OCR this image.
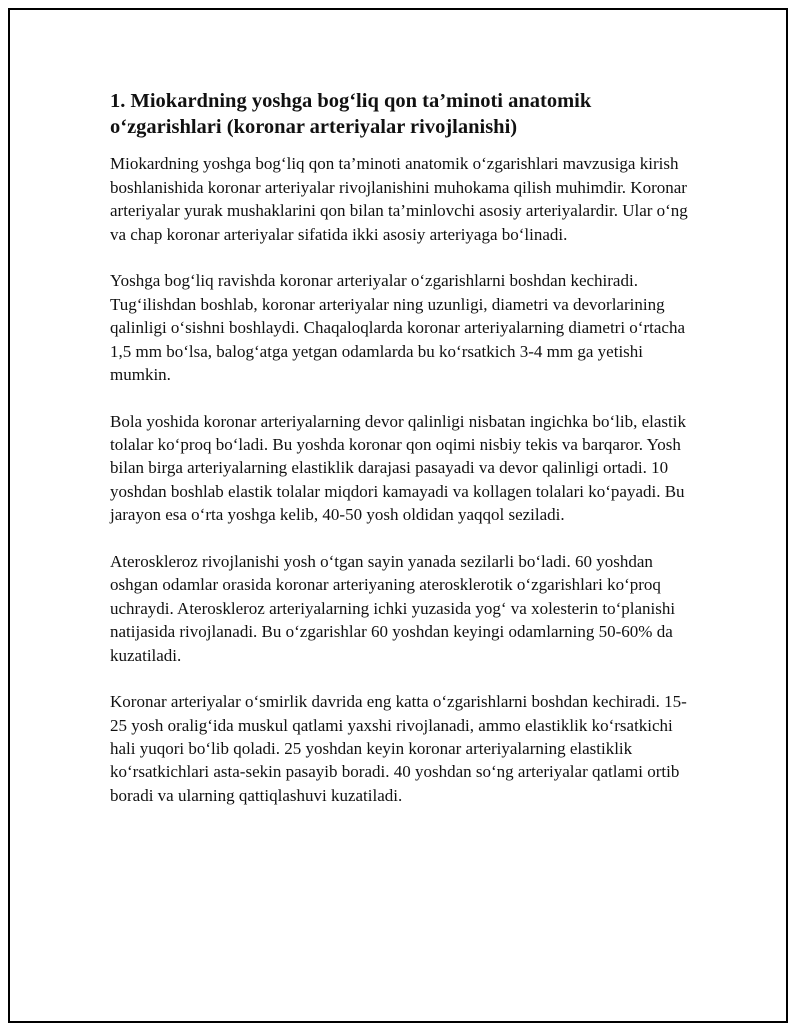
1. Miokardning yoshga bog‘liq qon ta’minoti anatomik o‘zgarishlari (koronar arteriyalar rivojlanishi)

Miokardning yoshga bog‘liq qon ta’minoti anatomik o‘zgarishlari mavzusiga kirish boshlanishida koronar arteriyalar rivojlanishini muhokama qilish muhimdir. Koronar arteriyalar yurak mushaklarini qon bilan ta’minlovchi asosiy arteriyalardir. Ular o‘ng va chap koronar arteriyalar sifatida ikki asosiy arteriyaga bo‘linadi.

Yoshga bog‘liq ravishda koronar arteriyalar o‘zgarishlarni boshdan kechiradi. Tug‘ilishdan boshlab, koronar arteriyalar ning uzunligi, diametri va devorlarining qalinligi o‘sishni boshlaydi. Chaqaloqlarda koronar arteriyalarning diametri o‘rtacha 1,5 mm bo‘lsa, balog‘atga yetgan odamlarda bu ko‘rsatkich 3-4 mm ga yetishi mumkin.

Bola yoshida koronar arteriyalarning devor qalinligi nisbatan ingichka bo‘lib, elastik tolalar ko‘proq bo‘ladi. Bu yoshda koronar qon oqimi nisbiy tekis va barqaror. Yosh bilan birga arteriyalarning elastiklik darajasi pasayadi va devor qalinligi ortadi. 10 yoshdan boshlab elastik tolalar miqdori kamayadi va kollagen tolalari ko‘payadi. Bu jarayon esa o‘rta yoshga kelib, 40-50 yosh oldidan yaqqol seziladi.

Ateroskleroz rivojlanishi yosh o‘tgan sayin yanada sezilarli bo‘ladi. 60 yoshdan oshgan odamlar orasida koronar arteriyaning aterosklerotik o‘zgarishlari ko‘proq uchraydi. Ateroskleroz arteriyalarning ichki yuzasida yog‘ va xolesterin to‘planishi natijasida rivojlanadi. Bu o‘zgarishlar 60 yoshdan keyingi odamlarning 50-60% da kuzatiladi.

Koronar arteriyalar o‘smirlik davrida eng katta o‘zgarishlarni boshdan kechiradi. 15-25 yosh oralig‘ida muskul qatlami yaxshi rivojlanadi, ammo elastiklik ko‘rsatkichi hali yuqori bo‘lib qoladi. 25 yoshdan keyin koronar arteriyalarning elastiklik ko‘rsatkichlari asta-sekin pasayib boradi. 40 yoshdan so‘ng arteriyalar qatlami ortib boradi va ularning qattiqlashuvi kuzatiladi.
